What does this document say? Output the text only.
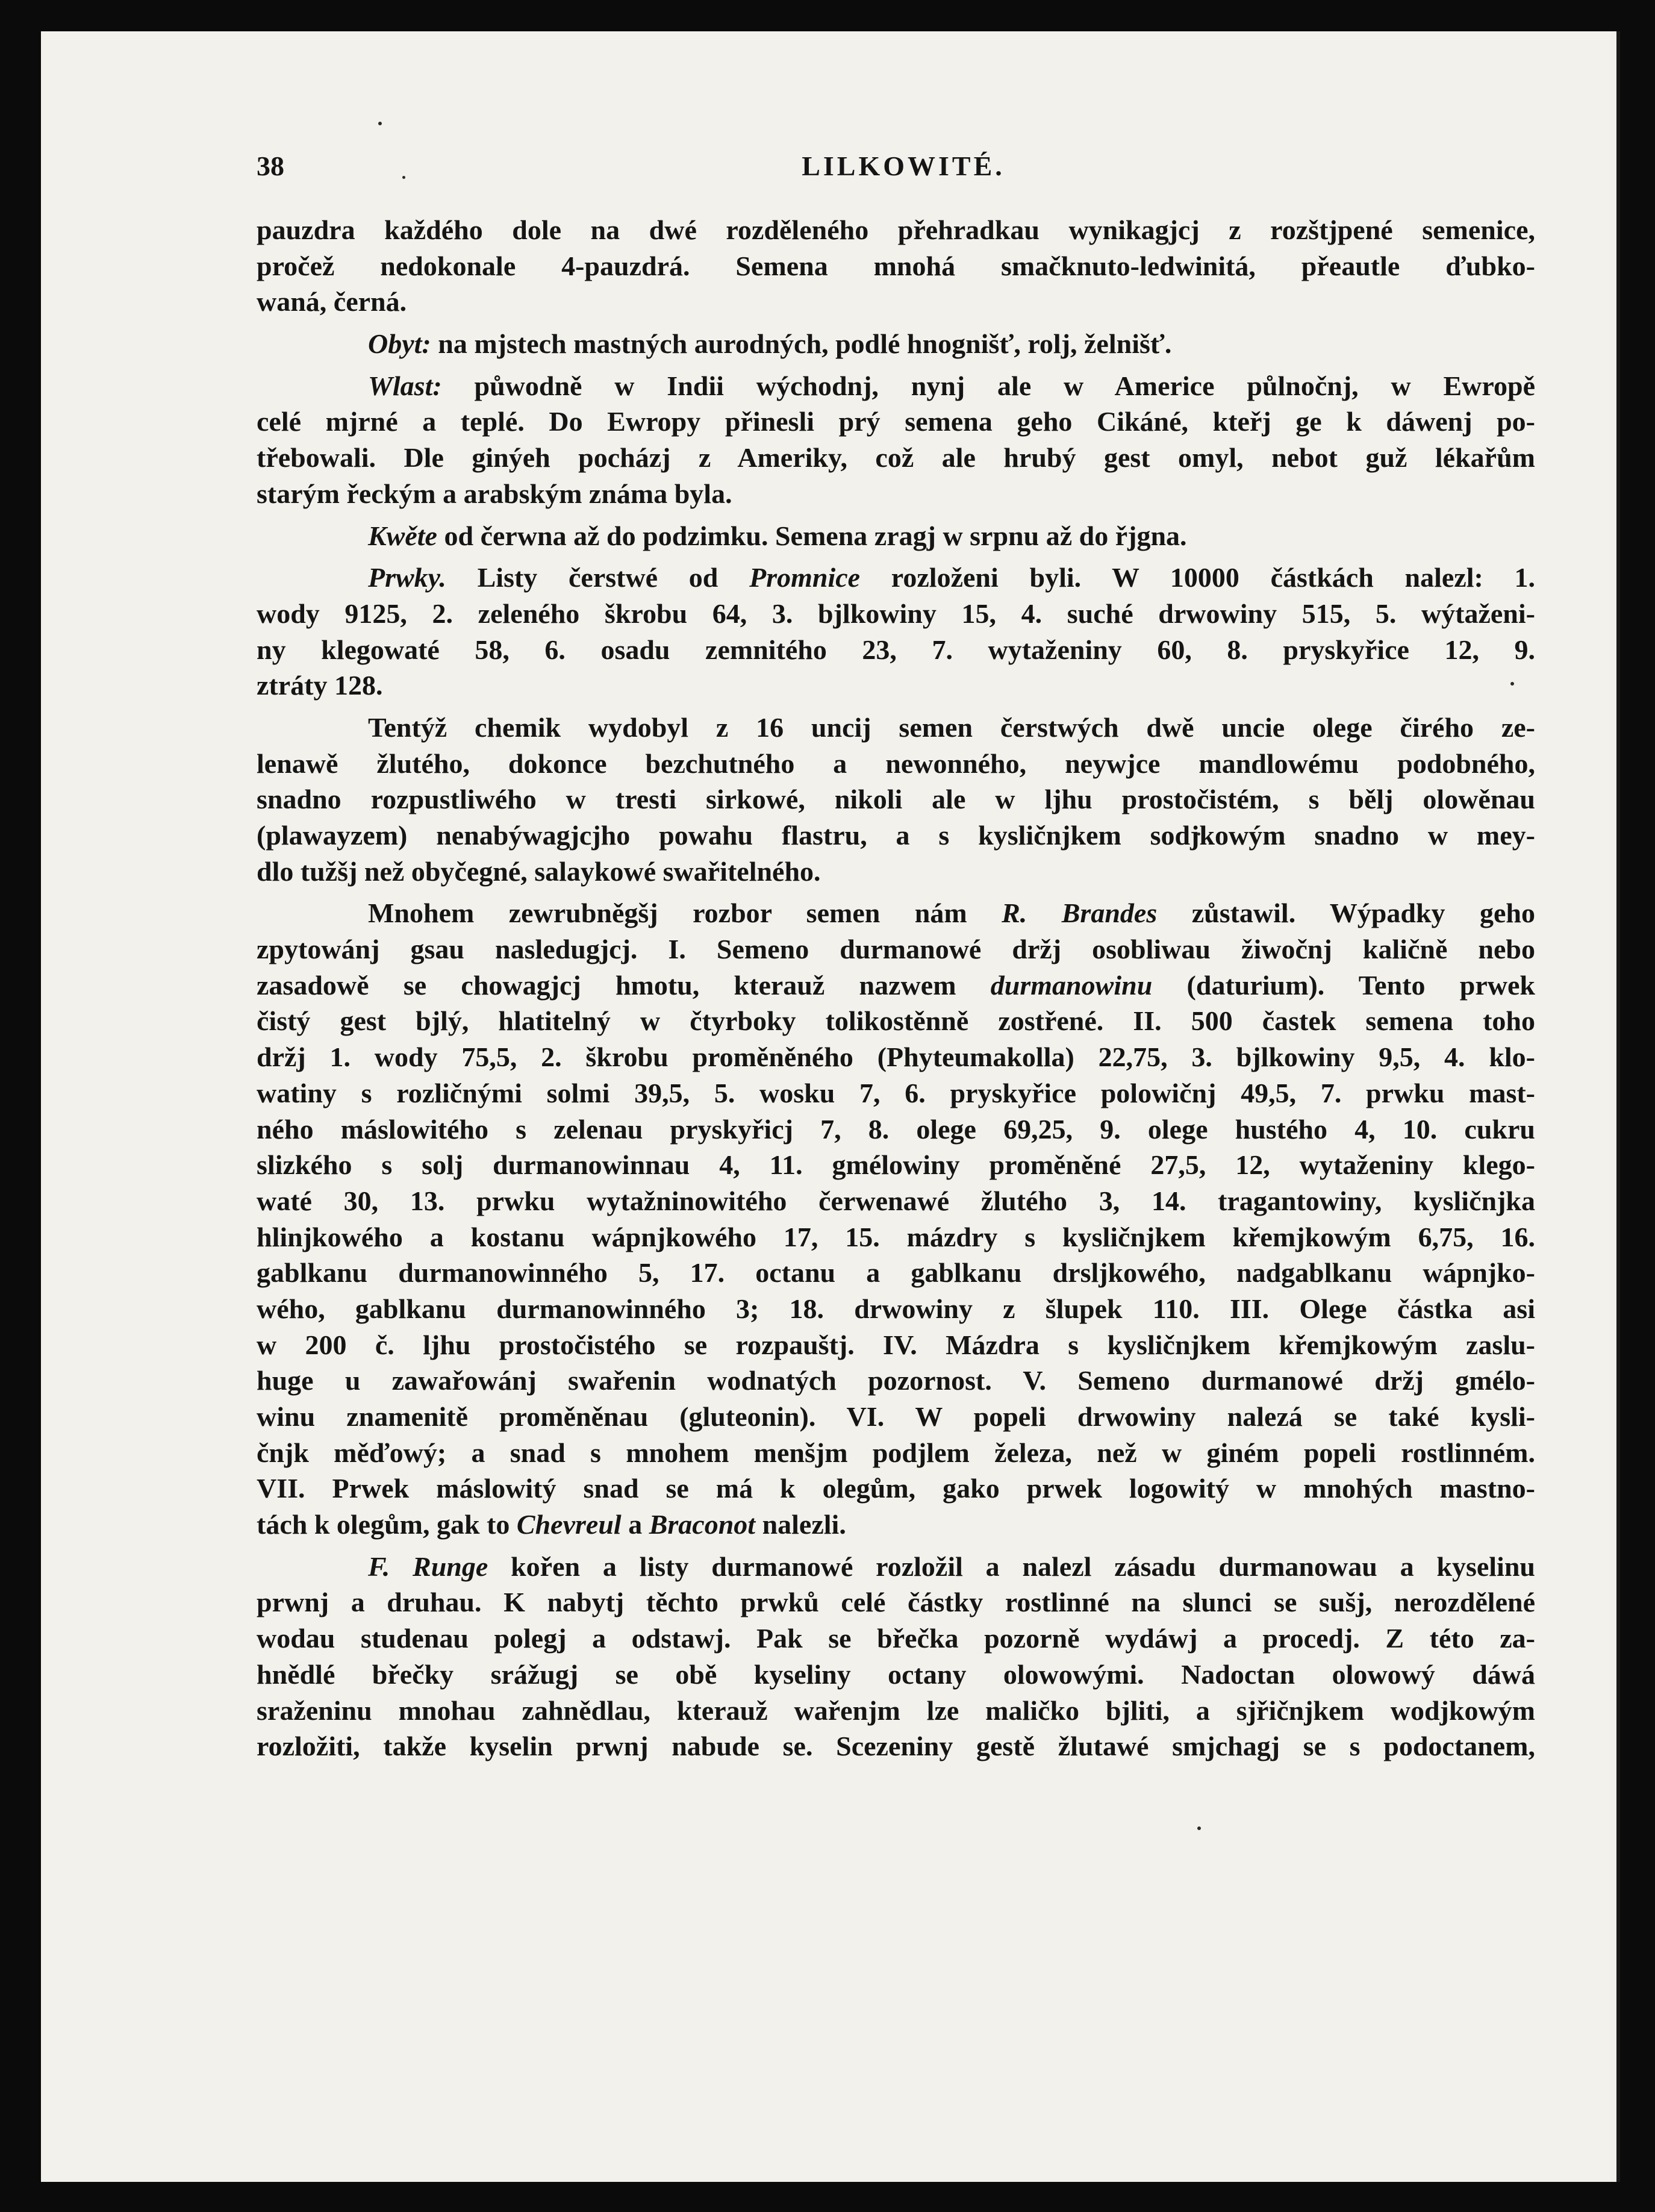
38	LILKOWITÉ.
pauzdra každého dole na dwé rozděleného přehradkau wynikagjcj z rozštjpené semenice,
pročež nedokonale 4-pauzdrá. Semena mnohá smačknuto-ledwinitá, přeautle ďubko-
waná, černá.
Obyt: na mjstech mastných aurodných, podlé hnognišť, rolj, želnišť.
Wlast: půwodně w Indii wýchodnj, nynj ale w Americe půlnočnj, w Ewropě
celé mjrné a teplé. Do Ewropy přinesli prý semena geho Cikáné, kteřj ge k dáwenj po-
třebowali. Dle ginýeh pocházj z Ameriky, což ale hrubý gest omyl, nebot guž lékařům
starým řeckým a arabským známa byla.
Kwěte od čerwna až do podzimku. Semena zragj w srpnu až do řjgna.
Prwky. Listy čerstwé od Promnice rozloženi byli. W 10000 částkách nalezl: 1.
wody 9125, 2. zeleného škrobu 64, 3. bjlkowiny 15, 4. suché drwowiny 515, 5. wýtaženi-
ny klegowaté 58, 6. osadu zemnitého 23, 7. wytaženiny 60, 8. pryskyřice 12, 9.
ztráty 128.
Tentýž chemik wydobyl z 16 uncij semen čerstwých dwě uncie olege čirého ze-
lenawě žlutého, dokonce bezchutného a newonného, neywjce mandlowému podobného,
snadno rozpustliwého w tresti sirkowé, nikoli ale w ljhu prostočistém, s bělj olowěnau
(plawayzem) nenabýwagjcjho powahu flastru, a s kysličnjkem sodjkowým snadno w mey-
dlo tužšj než obyčegné, salaykowé swařitelného.
Mnohem zewrubněgšj rozbor semen nám R. Brandes zůstawil. Wýpadky geho
zpytowánj gsau nasledugjcj. I. Semeno durmanowé držj osobliwau žiwočnj kaličně nebo
zasadowě se chowagjcj hmotu, kterauž nazwem durmanowinu (daturium). Tento prwek
čistý gest bjlý, hlatitelný w čtyrboky tolikostěnně zostřené. II. 500 častek semena toho
držj 1. wody 75,5, 2. škrobu proměněného (Phyteumakolla) 22,75, 3. bjlkowiny 9,5, 4. klo-
watiny s rozličnými solmi 39,5, 5. wosku 7, 6. pryskyřice polowičnj 49,5, 7. prwku mast-
ného máslowitého s zelenau pryskyřicj 7, 8. olege 69,25, 9. olege hustého 4, 10. cukru
slizkého s solj durmanowinnau 4, 11. gmélowiny proměněné 27,5, 12, wytaženiny klego-
waté 30, 13. prwku wytažninowitého čerwenawé žlutého 3, 14. tragantowiny, kysličnjka
hlinjkowého a kostanu wápnjkowého 17, 15. mázdry s kysličnjkem křemjkowým 6,75, 16.
gablkanu durmanowinného 5, 17. octanu a gablkanu drsljkowého, nadgablkanu wápnjko-
wého, gablkanu durmanowinného 3; 18. drwowiny z šlupek 110. III. Olege částka asi
w 200 č. ljhu prostočistého se rozpauštj. IV. Mázdra s kysličnjkem křemjkowým zaslu-
huge u zawařowánj swařenin wodnatých pozornost. V. Semeno durmanowé držj gmélo-
winu znamenitě proměněnau (gluteonin). VI. W popeli drwowiny nalezá se také kysli-
čnjk měďowý; a snad s mnohem menšjm podjlem železa, než w giném popeli rostlinném.
VII. Prwek máslowitý snad se má k olegům, gako prwek logowitý w mnohých mastno-
tách k olegům, gak to Chevreul a Braconot nalezli.
F. Runge kořen a listy durmanowé rozložil a nalezl zásadu durmanowau a kyselinu
prwnj a druhau. K nabytj těchto prwků celé částky rostlinné na slunci se sušj, nerozdělené
wodau studenau polegj a odstawj. Pak se břečka pozorně wydáwj a procedj. Z této za-
hnědlé břečky srážugj se obě kyseliny octany olowowými. Nadoctan olowowý dáwá
sraženinu mnohau zahnědlau, kterauž wařenjm lze maličko bjliti, a sjřičnjkem wodjkowým
rozložiti, takže kyselin prwnj nabude se. Scezeniny gestě žlutawé smjchagj se s podoctanem,
